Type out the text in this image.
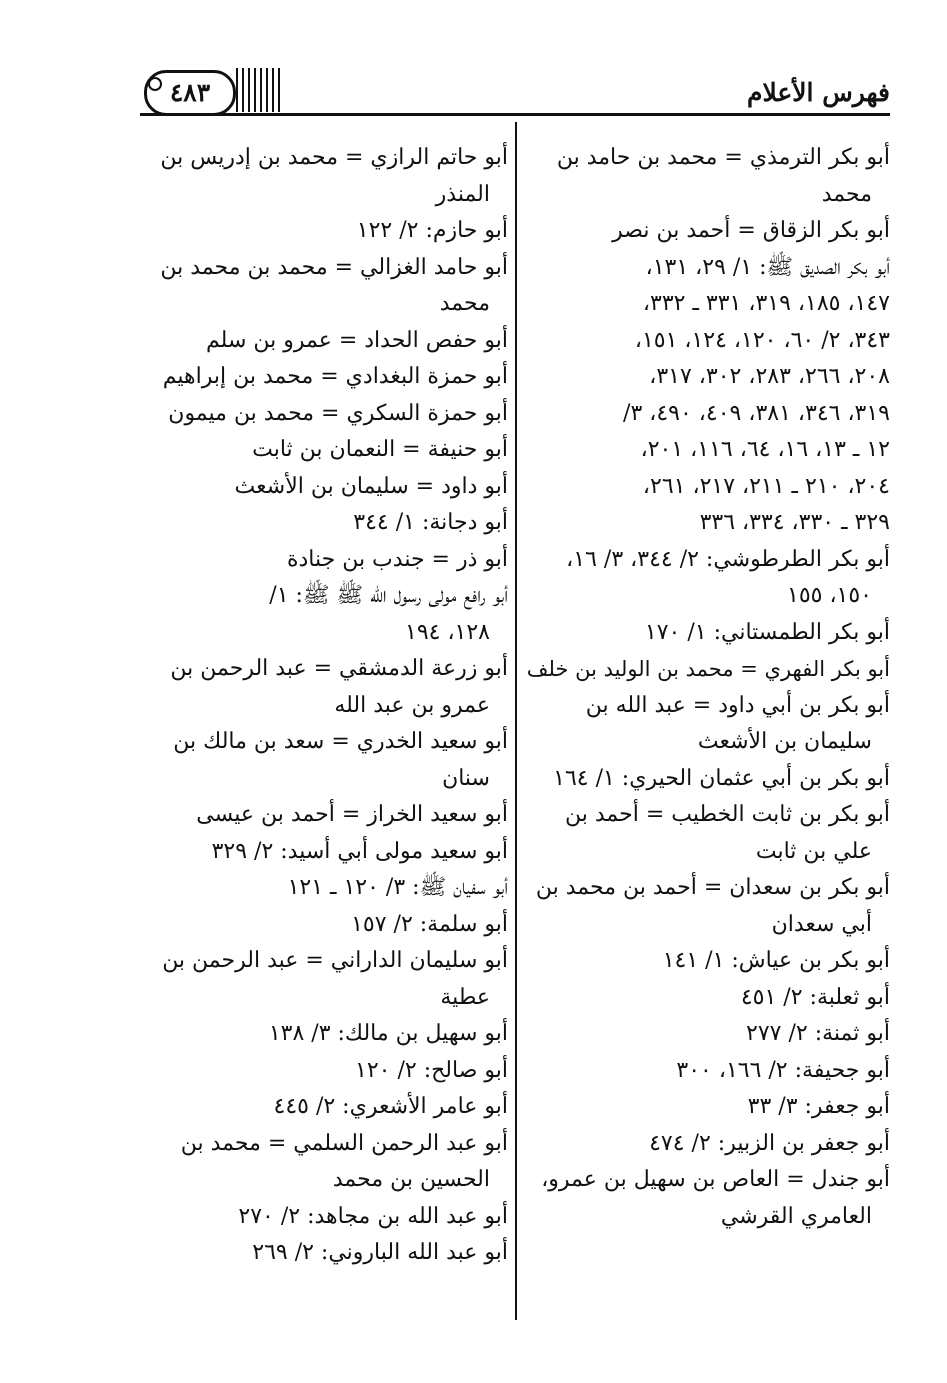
فهرس الأعلام
٤٨٣
أبو بكر الترمذي = محمد بن حامد بن
محمد
أبو بكر الزقاق = أحمد بن نصر
أبو بكر الصديق ﷺ: ١/ ٢٩، ١٣١،
١٤٧، ١٨٥، ٣١٩، ٣٣١ ـ ٣٣٢،
٣٤٣، ٢/ ٦٠، ١٢٠، ١٢٤، ١٥١،
٢٠٨، ٢٦٦، ٢٨٣، ٣٠٢، ٣١٧،
٣١٩، ٣٤٦، ٣٨١، ٤٠٩، ٤٩٠، ٣/
١٢ ـ ١٣، ١٦، ٦٤، ١١٦، ٢٠١،
٢٠٤، ٢١٠ ـ ٢١١، ٢١٧، ٢٦١،
٣٢٩ ـ ٣٣٠، ٣٣٤، ٣٣٦
أبو بكر الطرطوشي: ٢/ ٣٤٤، ٣/ ١٦،
١٥٠، ١٥٥
أبو بكر الطمستاني: ١/ ١٧٠
أبو بكر الفهري = محمد بن الوليد بن خلف
أبو بكر بن أبي داود = عبد الله بن
سليمان بن الأشعث
أبو بكر بن أبي عثمان الحيري: ١/ ١٦٤
أبو بكر بن ثابت الخطيب = أحمد بن
علي بن ثابت
أبو بكر بن سعدان = أحمد بن محمد بن
أبي سعدان
أبو بكر بن عياش: ١/ ١٤١
أبو ثعلبة: ٢/ ٤٥١
أبو ثمنة: ٢/ ٢٧٧
أبو جحيفة: ٢/ ١٦٦، ٣٠٠
أبو جعفر: ٣/ ٣٣
أبو جعفر بن الزبير: ٢/ ٤٧٤
أبو جندل = العاص بن سهيل بن عمرو،
العامري القرشي
أبو حاتم الرازي = محمد بن إدريس بن
المنذر
أبو حازم: ٢/ ١٢٢
أبو حامد الغزالي = محمد بن محمد بن
محمد
أبو حفص الحداد = عمرو بن سلم
أبو حمزة البغدادي = محمد بن إبراهيم
أبو حمزة السكري = محمد بن ميمون
أبو حنيفة = النعمان بن ثابت
أبو داود = سليمان بن الأشعث
أبو دجانة: ١/ ٣٤٤
أبو ذر = جندب بن جنادة
أبو رافع مولى رسول الله ﷺ ﷺ: ١/
١٢٨، ١٩٤
أبو زرعة الدمشقي = عبد الرحمن بن
عمرو بن عبد الله
أبو سعيد الخدري = سعد بن مالك بن
سنان
أبو سعيد الخراز = أحمد بن عيسى
أبو سعيد مولى أبي أسيد: ٢/ ٣٢٩
أبو سفيان ﷺ: ٣/ ١٢٠ ـ ١٢١
أبو سلمة: ٢/ ١٥٧
أبو سليمان الداراني = عبد الرحمن بن
عطية
أبو سهيل بن مالك: ٣/ ١٣٨
أبو صالح: ٢/ ١٢٠
أبو عامر الأشعري: ٢/ ٤٤٥
أبو عبد الرحمن السلمي = محمد بن
الحسين بن محمد
أبو عبد الله بن مجاهد: ٢/ ٢٧٠
أبو عبد الله الباروني: ٢/ ٢٦٩
